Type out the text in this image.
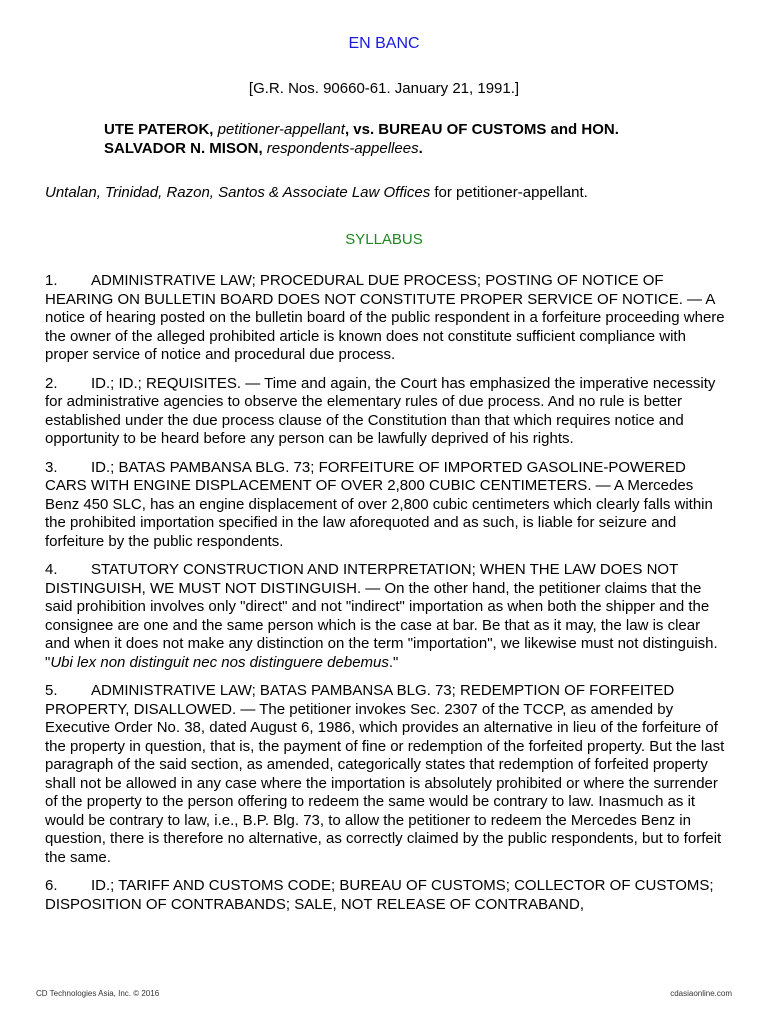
EN BANC
[G.R. Nos. 90660-61. January 21, 1991.]
UTE PATEROK, petitioner-appellant, vs. BUREAU OF CUSTOMS and HON. SALVADOR N. MISON, respondents-appellees.
Untalan, Trinidad, Razon, Santos & Associate Law Offices for petitioner-appellant.
SYLLABUS

1. ADMINISTRATIVE LAW; PROCEDURAL DUE PROCESS; POSTING OF NOTICE OF HEARING ON BULLETIN BOARD DOES NOT CONSTITUTE PROPER SERVICE OF NOTICE. — A notice of hearing posted on the bulletin board of the public respondent in a forfeiture proceeding where the owner of the alleged prohibited article is known does not constitute sufficient compliance with proper service of notice and procedural due process.

2. ID.; ID.; REQUISITES. — Time and again, the Court has emphasized the imperative necessity for administrative agencies to observe the elementary rules of due process. And no rule is better established under the due process clause of the Constitution than that which requires notice and opportunity to be heard before any person can be lawfully deprived of his rights.

3. ID.; BATAS PAMBANSA BLG. 73; FORFEITURE OF IMPORTED GASOLINE-POWERED CARS WITH ENGINE DISPLACEMENT OF OVER 2,800 CUBIC CENTIMETERS. — A Mercedes Benz 450 SLC, has an engine displacement of over 2,800 cubic centimeters which clearly falls within the prohibited importation specified in the law aforequoted and as such, is liable for seizure and forfeiture by the public respondents.

4. STATUTORY CONSTRUCTION AND INTERPRETATION; WHEN THE LAW DOES NOT DISTINGUISH, WE MUST NOT DISTINGUISH. — On the other hand, the petitioner claims that the said prohibition involves only "direct" and not "indirect" importation as when both the shipper and the consignee are one and the same person which is the case at bar. Be that as it may, the law is clear and when it does not make any distinction on the term "importation", we likewise must not distinguish. "Ubi lex non distinguit nec nos distinguere debemus."

5. ADMINISTRATIVE LAW; BATAS PAMBANSA BLG. 73; REDEMPTION OF FORFEITED PROPERTY, DISALLOWED. — The petitioner invokes Sec. 2307 of the TCCP, as amended by Executive Order No. 38, dated August 6, 1986, which provides an alternative in lieu of the forfeiture of the property in question, that is, the payment of fine or redemption of the forfeited property. But the last paragraph of the said section, as amended, categorically states that redemption of forfeited property shall not be allowed in any case where the importation is absolutely prohibited or where the surrender of the property to the person offering to redeem the same would be contrary to law. Inasmuch as it would be contrary to law, i.e., B.P. Blg. 73, to allow the petitioner to redeem the Mercedes Benz in question, there is therefore no alternative, as correctly claimed by the public respondents, but to forfeit the same.

6. ID.; TARIFF AND CUSTOMS CODE; BUREAU OF CUSTOMS; COLLECTOR OF CUSTOMS; DISPOSITION OF CONTRABANDS; SALE, NOT RELEASE OF CONTRABAND,

CD Technologies Asia, Inc. © 2016	cdasiaonline.com
